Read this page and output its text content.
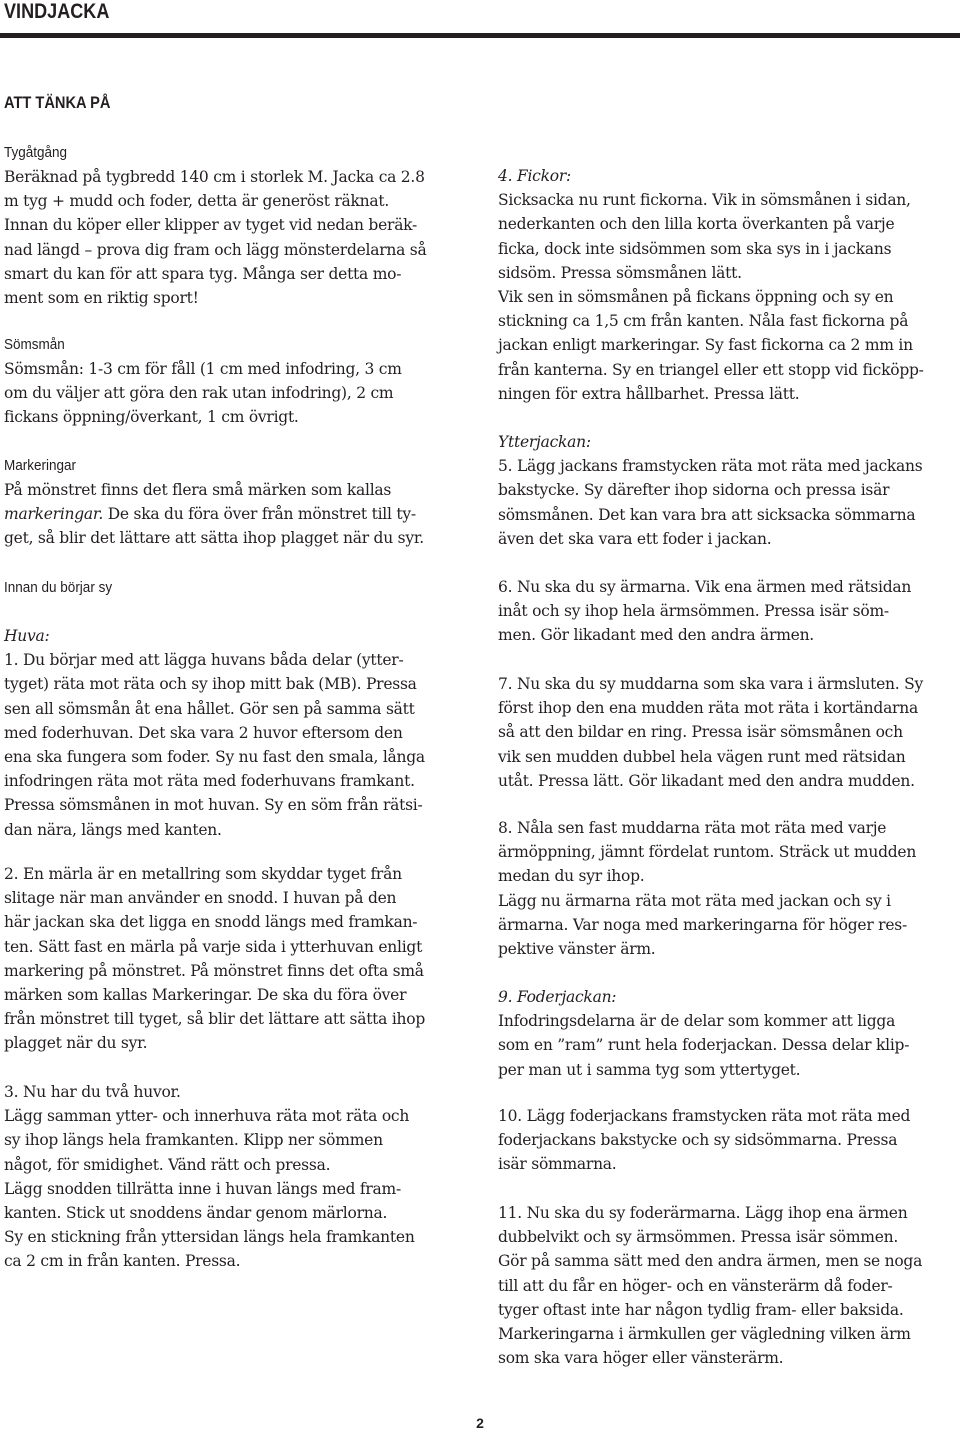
VINDJACKA
ATT TÄNKA PÅ
Tygåtgång
Beräknad på tygbredd 140 cm i storlek M. Jacka ca 2.8
m tyg + mudd och foder, detta är generöst räknat.
Innan du köper eller klipper av tyget vid nedan beräk-
nad längd – prova dig fram och lägg mönsterdelarna så
smart du kan för att spara tyg. Många ser detta mo-
ment som en riktig sport!
Sömsmån
Sömsmån: 1-3 cm för fåll (1 cm med infodring, 3 cm
om du väljer att göra den rak utan infodring), 2 cm
fickans öppning/överkant, 1 cm övrigt.
Markeringar
På mönstret finns det flera små märken som kallas
markeringar. De ska du föra över från mönstret till ty-
get, så blir det lättare att sätta ihop plagget när du syr.
Innan du börjar sy
Huva:
1. Du börjar med att lägga huvans båda delar (ytter-
tyget) räta mot räta och sy ihop mitt bak (MB). Pressa
sen all sömsmån åt ena hållet. Gör sen på samma sätt
med foderhuvan. Det ska vara 2 huvor eftersom den
ena ska fungera som foder. Sy nu fast den smala, långa
infodringen räta mot räta med foderhuvans framkant.
Pressa sömsmånen in mot huvan. Sy en söm från rätsi-
dan nära, längs med kanten.
2. En märla är en metallring som skyddar tyget från
slitage när man använder en snodd. I huvan på den
här jackan ska det ligga en snodd längs med framkan-
ten. Sätt fast en märla på varje sida i ytterhuvan enligt
markering på mönstret. På mönstret finns det ofta små
märken som kallas Markeringar. De ska du föra över
från mönstret till tyget, så blir det lättare att sätta ihop
plagget när du syr.
3. Nu har du två huvor.
Lägg samman ytter- och innerhuva räta mot räta och
sy ihop längs hela framkanten. Klipp ner sömmen
något, för smidighet. Vänd rätt och pressa.
Lägg snodden tillrätta inne i huvan längs med fram-
kanten. Stick ut snoddens ändar genom märlorna.
Sy en stickning från yttersidan längs hela framkanten
ca 2 cm in från kanten. Pressa.
4. Fickor:
Sicksacka nu runt fickorna. Vik in sömsmånen i sidan,
nederkanten och den lilla korta överkanten på varje
ficka, dock inte sidsömmen som ska sys in i jackans
sidsöm. Pressa sömsmånen lätt.
Vik sen in sömsmånen på fickans öppning och sy en
stickning ca 1,5 cm från kanten. Nåla fast fickorna på
jackan enligt markeringar. Sy fast fickorna ca 2 mm in
från kanterna. Sy en triangel eller ett stopp vid ficköpp-
ningen för extra hållbarhet. Pressa lätt.
Ytterjackan:
5. Lägg jackans framstycken räta mot räta med jackans
bakstycke. Sy därefter ihop sidorna och pressa isär
sömsmånen. Det kan vara bra att sicksacka sömmarna
även det ska vara ett foder i jackan.
6. Nu ska du sy ärmarna. Vik ena ärmen med rätsidan
inåt och sy ihop hela ärmsömmen. Pressa isär söm-
men. Gör likadant med den andra ärmen.
7. Nu ska du sy muddarna som ska vara i ärmsluten. Sy
först ihop den ena mudden räta mot räta i kortändarna
så att den bildar en ring. Pressa isär sömsmånen och
vik sen mudden dubbel hela vägen runt med rätsidan
utåt. Pressa lätt. Gör likadant med den andra mudden.
8. Nåla sen fast muddarna räta mot räta med varje
ärmöppning, jämnt fördelat runtom. Sträck ut mudden
medan du syr ihop.
Lägg nu ärmarna räta mot räta med jackan och sy i
ärmarna. Var noga med markeringarna för höger res-
pektive vänster ärm.
9. Foderjackan:
Infodringsdelarna är de delar som kommer att ligga
som en ”ram” runt hela foderjackan. Dessa delar klip-
per man ut i samma tyg som yttertyget.
10. Lägg foderjackans framstycken räta mot räta med
foderjackans bakstycke och sy sidsömmarna. Pressa
isär sömmarna.
11. Nu ska du sy foderärmarna. Lägg ihop ena ärmen
dubbelvikt och sy ärmsömmen. Pressa isär sömmen.
Gör på samma sätt med den andra ärmen, men se noga
till att du får en höger- och en vänsterärm då foder-
tyger oftast inte har någon tydlig fram- eller baksida.
Markeringarna i ärmkullen ger vägledning vilken ärm
som ska vara höger eller vänsterärm.
2
